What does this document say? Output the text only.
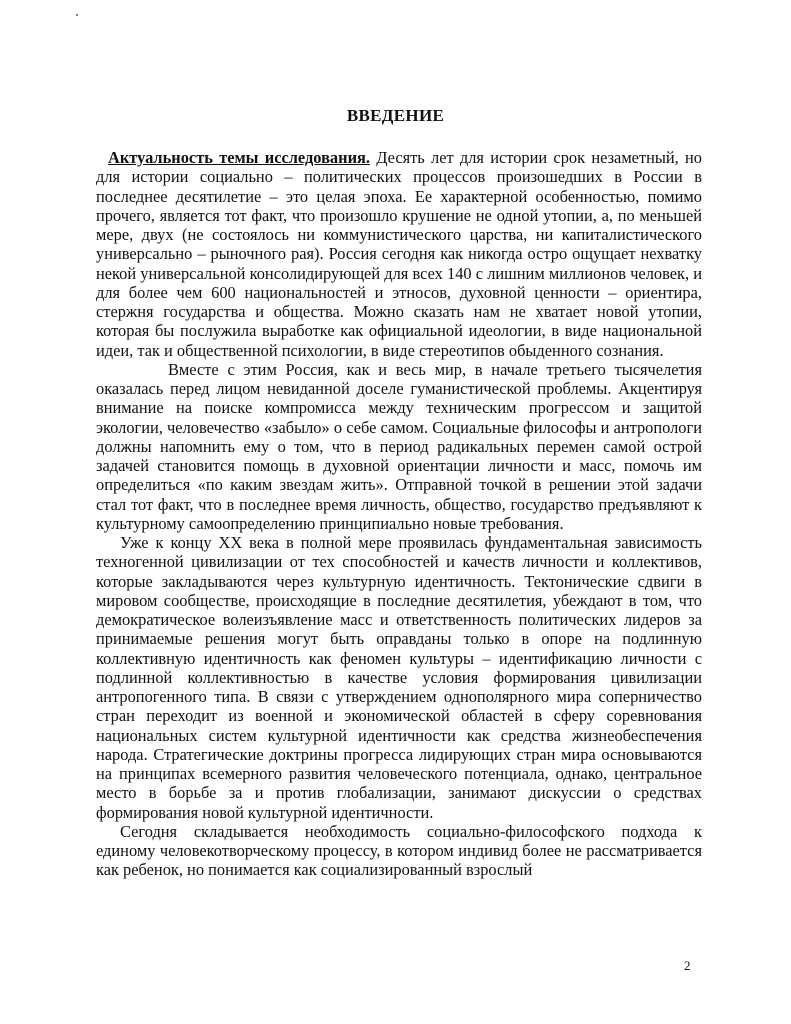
ВВЕДЕНИЕ

Актуальность темы исследования. Десять лет для истории срок незаметный, но для истории социально – политических процессов произошедших в России в последнее десятилетие – это целая эпоха. Ее характерной особенностью, помимо прочего, является тот факт, что произошло крушение не одной утопии, а, по меньшей мере, двух (не состоялось ни коммунистического царства, ни капиталистического универсально – рыночного рая). Россия сегодня как никогда остро ощущает нехватку некой универсальной консолидирующей для всех 140 с лишним миллионов человек, и для более чем 600 национальностей и этносов, духовной ценности – ориентира, стержня государства и общества. Можно сказать нам не хватает новой утопии, которая бы послужила выработке как официальной идеологии, в виде национальной идеи, так и общественной психологии, в виде стереотипов обыденного сознания.

Вместе с этим Россия, как и весь мир, в начале третьего тысячелетия оказалась перед лицом невиданной доселе гуманистической проблемы. Акцентируя внимание на поиске компромисса между техническим прогрессом и защитой экологии, человечество «забыло» о себе самом. Социальные философы и антропологи должны напомнить ему о том, что в период радикальных перемен самой острой задачей становится помощь в духовной ориентации личности и масс, помочь им определиться «по каким звездам жить». Отправной точкой в решении этой задачи стал тот факт, что в последнее время личность, общество, государство предъявляют к культурному самоопределению принципиально новые требования.

Уже к концу XX века в полной мере проявилась фундаментальная зависимость техногенной цивилизации от тех способностей и качеств личности и коллективов, которые закладываются через культурную идентичность. Тектонические сдвиги в мировом сообществе, происходящие в последние десятилетия, убеждают в том, что демократическое волеизъявление масс и ответственность политических лидеров за принимаемые решения могут быть оправданы только в опоре на подлинную коллективную идентичность как феномен культуры – идентификацию личности с подлинной коллективностью в качестве условия формирования цивилизации антропогенного типа. В связи с утверждением однополярного мира соперничество стран переходит из военной и экономической областей в сферу соревнования национальных систем культурной идентичности как средства жизнеобеспечения народа. Стратегические доктрины прогресса лидирующих стран мира основываются на принципах всемерного развития человеческого потенциала, однако, центральное место в борьбе за и против глобализации, занимают дискуссии о средствах формирования новой культурной идентичности.

Сегодня складывается необходимость социально-философского подхода к единому человекотворческому процессу, в котором индивид более не рассматривается как ребенок, но понимается как социализированный взрослый

2
